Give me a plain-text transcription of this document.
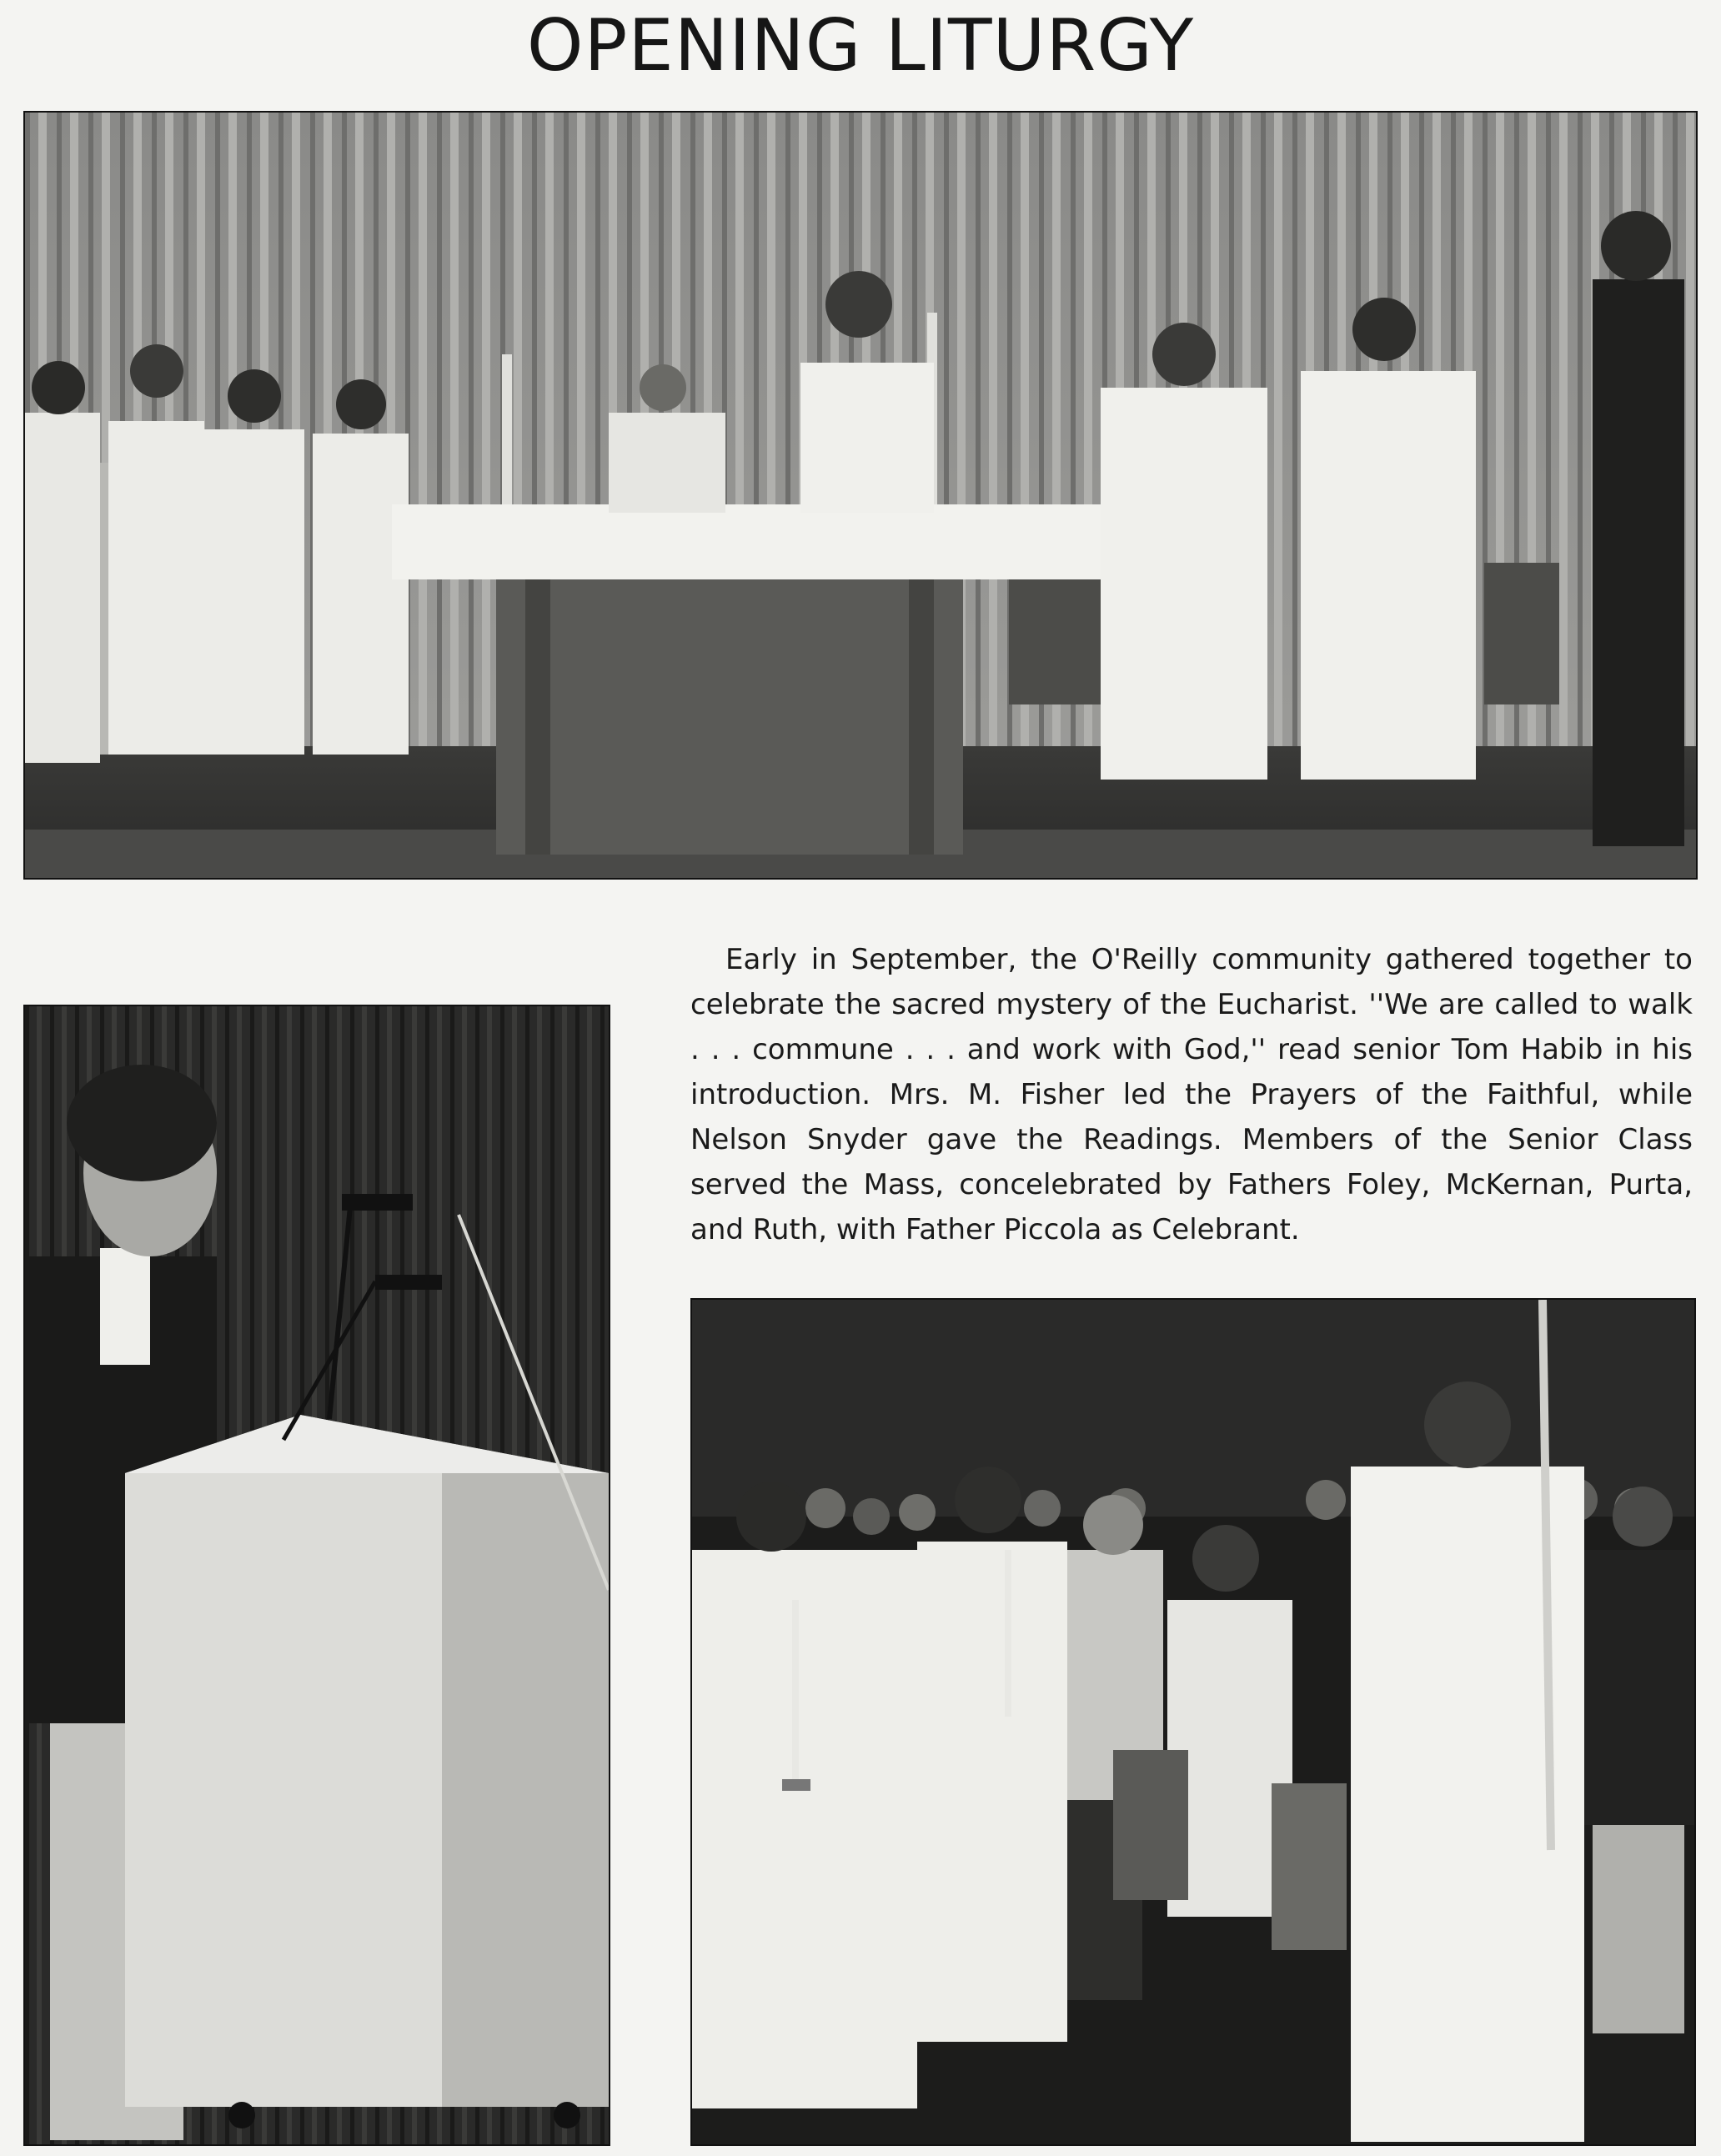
OPENING LITURGY

Early in September, the O'Reilly community gathered together to celebrate the sacred mystery of the Eucharist. ''We are called to walk . . . commune . . . and work with God,'' read senior Tom Habib in his introduction. Mrs. M. Fisher led the Prayers of the Faithful, while Nelson Snyder gave the Readings. Members of the Senior Class served the Mass, concelebrated by Fathers Foley, McKernan, Purta, and Ruth, with Father Piccola as Celebrant.
